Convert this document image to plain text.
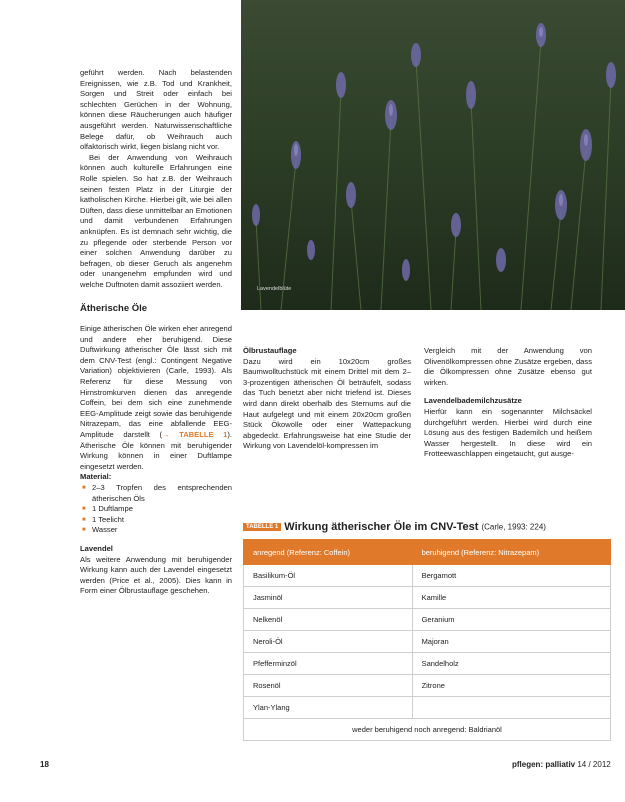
Lavendelblüte

geführt werden. Nach belastenden Ereignissen, wie z.B. Tod und Krankheit, Sorgen und Streit oder einfach bei schlechten Gerüchen in der Wohnung, können diese Räucherungen auch häufiger ausgeführt werden. Naturwissenschaftliche Belege dafür, ob Weihrauch auch olfaktorisch wirkt, liegen bislang nicht vor.

Bei der Anwendung von Weihrauch können auch kulturelle Erfahrungen eine Rolle spielen. So hat z.B. der Weihrauch seinen festen Platz in der Liturgie der katholischen Kirche. Hierbei gilt, wie bei allen Düften, dass diese unmittelbar an Emotionen und damit verbundenen Erfahrungen anknüpfen. Es ist demnach sehr wichtig, die zu pflegende oder sterbende Person vor einer solchen Anwendung darüber zu befragen, ob dieser Geruch als angenehm oder unangenehm empfunden wird und welche Duftnoten damit assoziiert werden.

Ätherische Öle

Einige ätherischen Öle wirken eher anregend und andere eher beruhigend. Diese Duftwirkung ätherischer Öle lässt sich mit dem CNV-Test (engl.: Contingent Negative Variation) objektivieren (Carle, 1993). Als Referenz für diese Messung von Hirnstromkurven dienen das anregende Coffein, bei dem sich eine zunehmende EEG-Amplitude zeigt sowie das beruhigende Nitrazepam, das eine abfallende EEG-Amplitude darstellt (→ TABELLE 1). Ätherische Öle können mit beruhigender Wirkung können in einer Duftlampe eingesetzt werden.

Material:

■ 2–3 Tropfen des entsprechenden ätherischen Öls
■ 1 Duftlampe
■ 1 Teelicht
■ Wasser

Lavendel

Als weitere Anwendung mit beruhigender Wirkung kann auch der Lavendel eingesetzt werden (Price et al., 2005). Dies kann in Form einer Ölbrustauflage geschehen.

Ölbrustauflage

Dazu wird ein 10x20cm großes Baumwolltuchstück mit einem Drittel mit dem 2–3-prozentigen ätherischen Öl beträufelt, sodass das Tuch benetzt aber nicht triefend ist. Dieses wird dann direkt oberhalb des Sternums auf die Haut aufgelegt und mit einem 20x20cm großen Stück Ökowolle oder einer Wattepackung abgedeckt. Erfahrungsweise hat eine Studie der Wirkung von Lavendelöl-kompressen im

Vergleich mit der Anwendung von Olivenölkompressen ohne Zusätze ergeben, dass die Ölkompressen ohne Zusätze ebenso gut wirken.

Lavendelbademilchzusätze

Hierfür kann ein sogenannter Milchsäckel durchgeführt werden. Hierbei wird durch eine Lösung aus des festigen Bademilch und heißem Wasser hergestellt. In diese wird ein Frotteewaschlappen eingetaucht, gut ausge-

TABELLE 1 Wirkung ätherischer Öle im CNV-Test (Carle, 1993: 224)
anregend (Referenz: Coffein)	beruhigend (Referenz: Nitrazepam)
Basilikum-Öl	Bergamott
Jasminöl	Kamille
Nelkenöl	Geranium
Neroli-Öl	Majoran
Pfefferminzöl	Sandelholz
Rosenöl	Zitrone
Ylan-Ylang	
weder beruhigend noch anregend: Baldrianöl	
18	pflegen: palliativ 14 / 2012
